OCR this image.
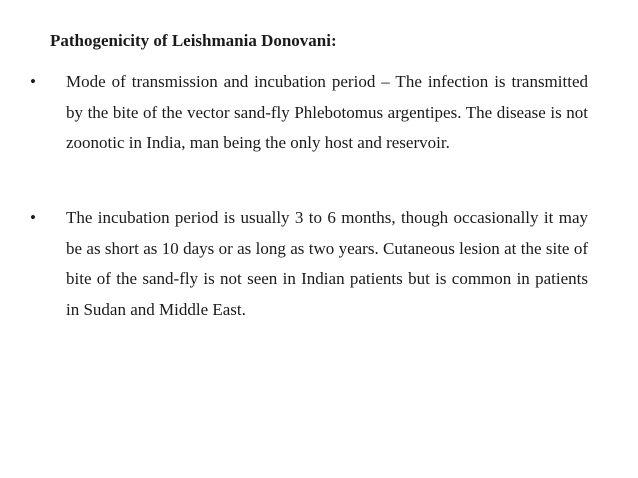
Pathogenicity of Leishmania Donovani:
• Mode of transmission and incubation period – The infection is transmitted by the bite of the vector sand-fly Phlebotomus argentipes. The disease is not zoonotic in India, man being the only host and reservoir.
• The incubation period is usually 3 to 6 months, though occasionally it may be as short as 10 days or as long as two years. Cutaneous lesion at the site of bite of the sand-fly is not seen in Indian patients but is common in patients in Sudan and Middle East.
